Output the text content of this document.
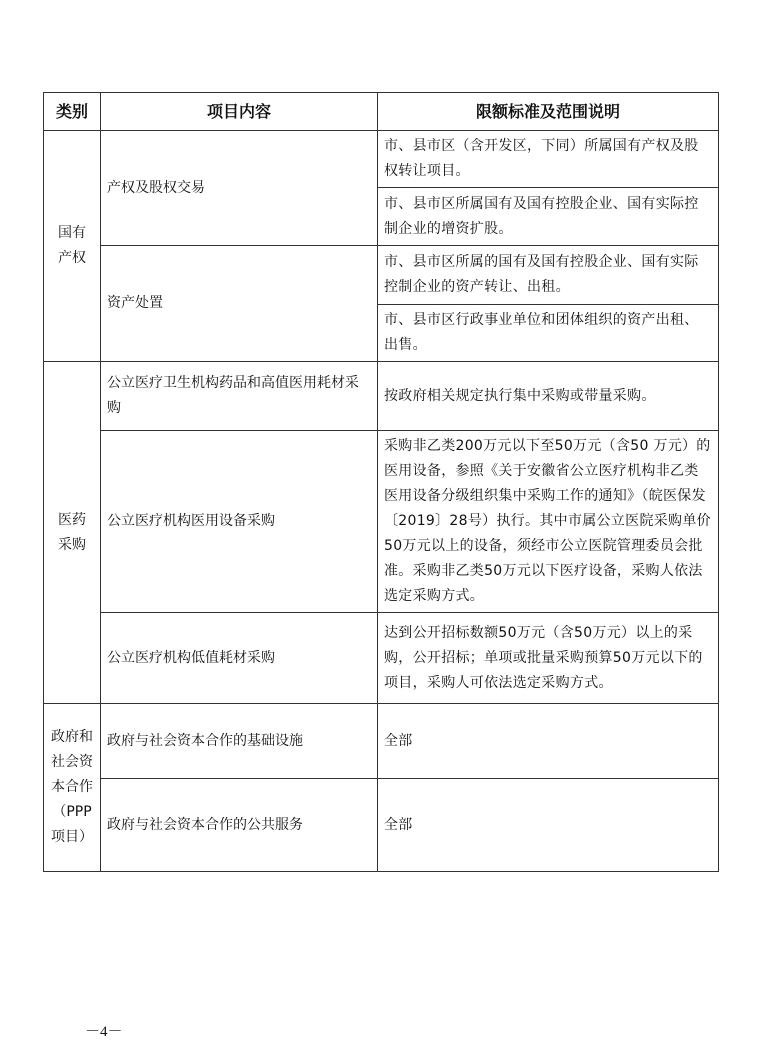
类别	项目内容	限额标准及范围说明
国有产权	产权及股权交易	市、县市区（含开发区，下同）所属国有产权及股权转让项目。
		市、县市区所属国有及国有控股企业、国有实际控制企业的增资扩股。
	资产处置	市、县市区所属的国有及国有控股企业、国有实际控制企业的资产转让、出租。
		市、县市区行政事业单位和团体组织的资产出租、出售。
医药采购	公立医疗卫生机构药品和高值医用耗材采购	按政府相关规定执行集中采购或带量采购。
	公立医疗机构医用设备采购	采购非乙类200万元以下至50万元（含50 万元）的医用设备，参照《关于安徽省公立医疗机构非乙类医用设备分级组织集中采购工作的通知》（皖医保发〔2019〕28号）执行。其中市属公立医院采购单价50万元以上的设备，须经市公立医院管理委员会批准。采购非乙类50万元以下医疗设备，采购人依法选定采购方式。
	公立医疗机构低值耗材采购	达到公开招标数额50万元（含50万元）以上的采购，公开招标；单项或批量采购预算50万元以下的项目，采购人可依法选定采购方式。
政府和社会资本合作（PPP项目）	政府与社会资本合作的基础设施	全部
	政府与社会资本合作的公共服务	全部
－4－
